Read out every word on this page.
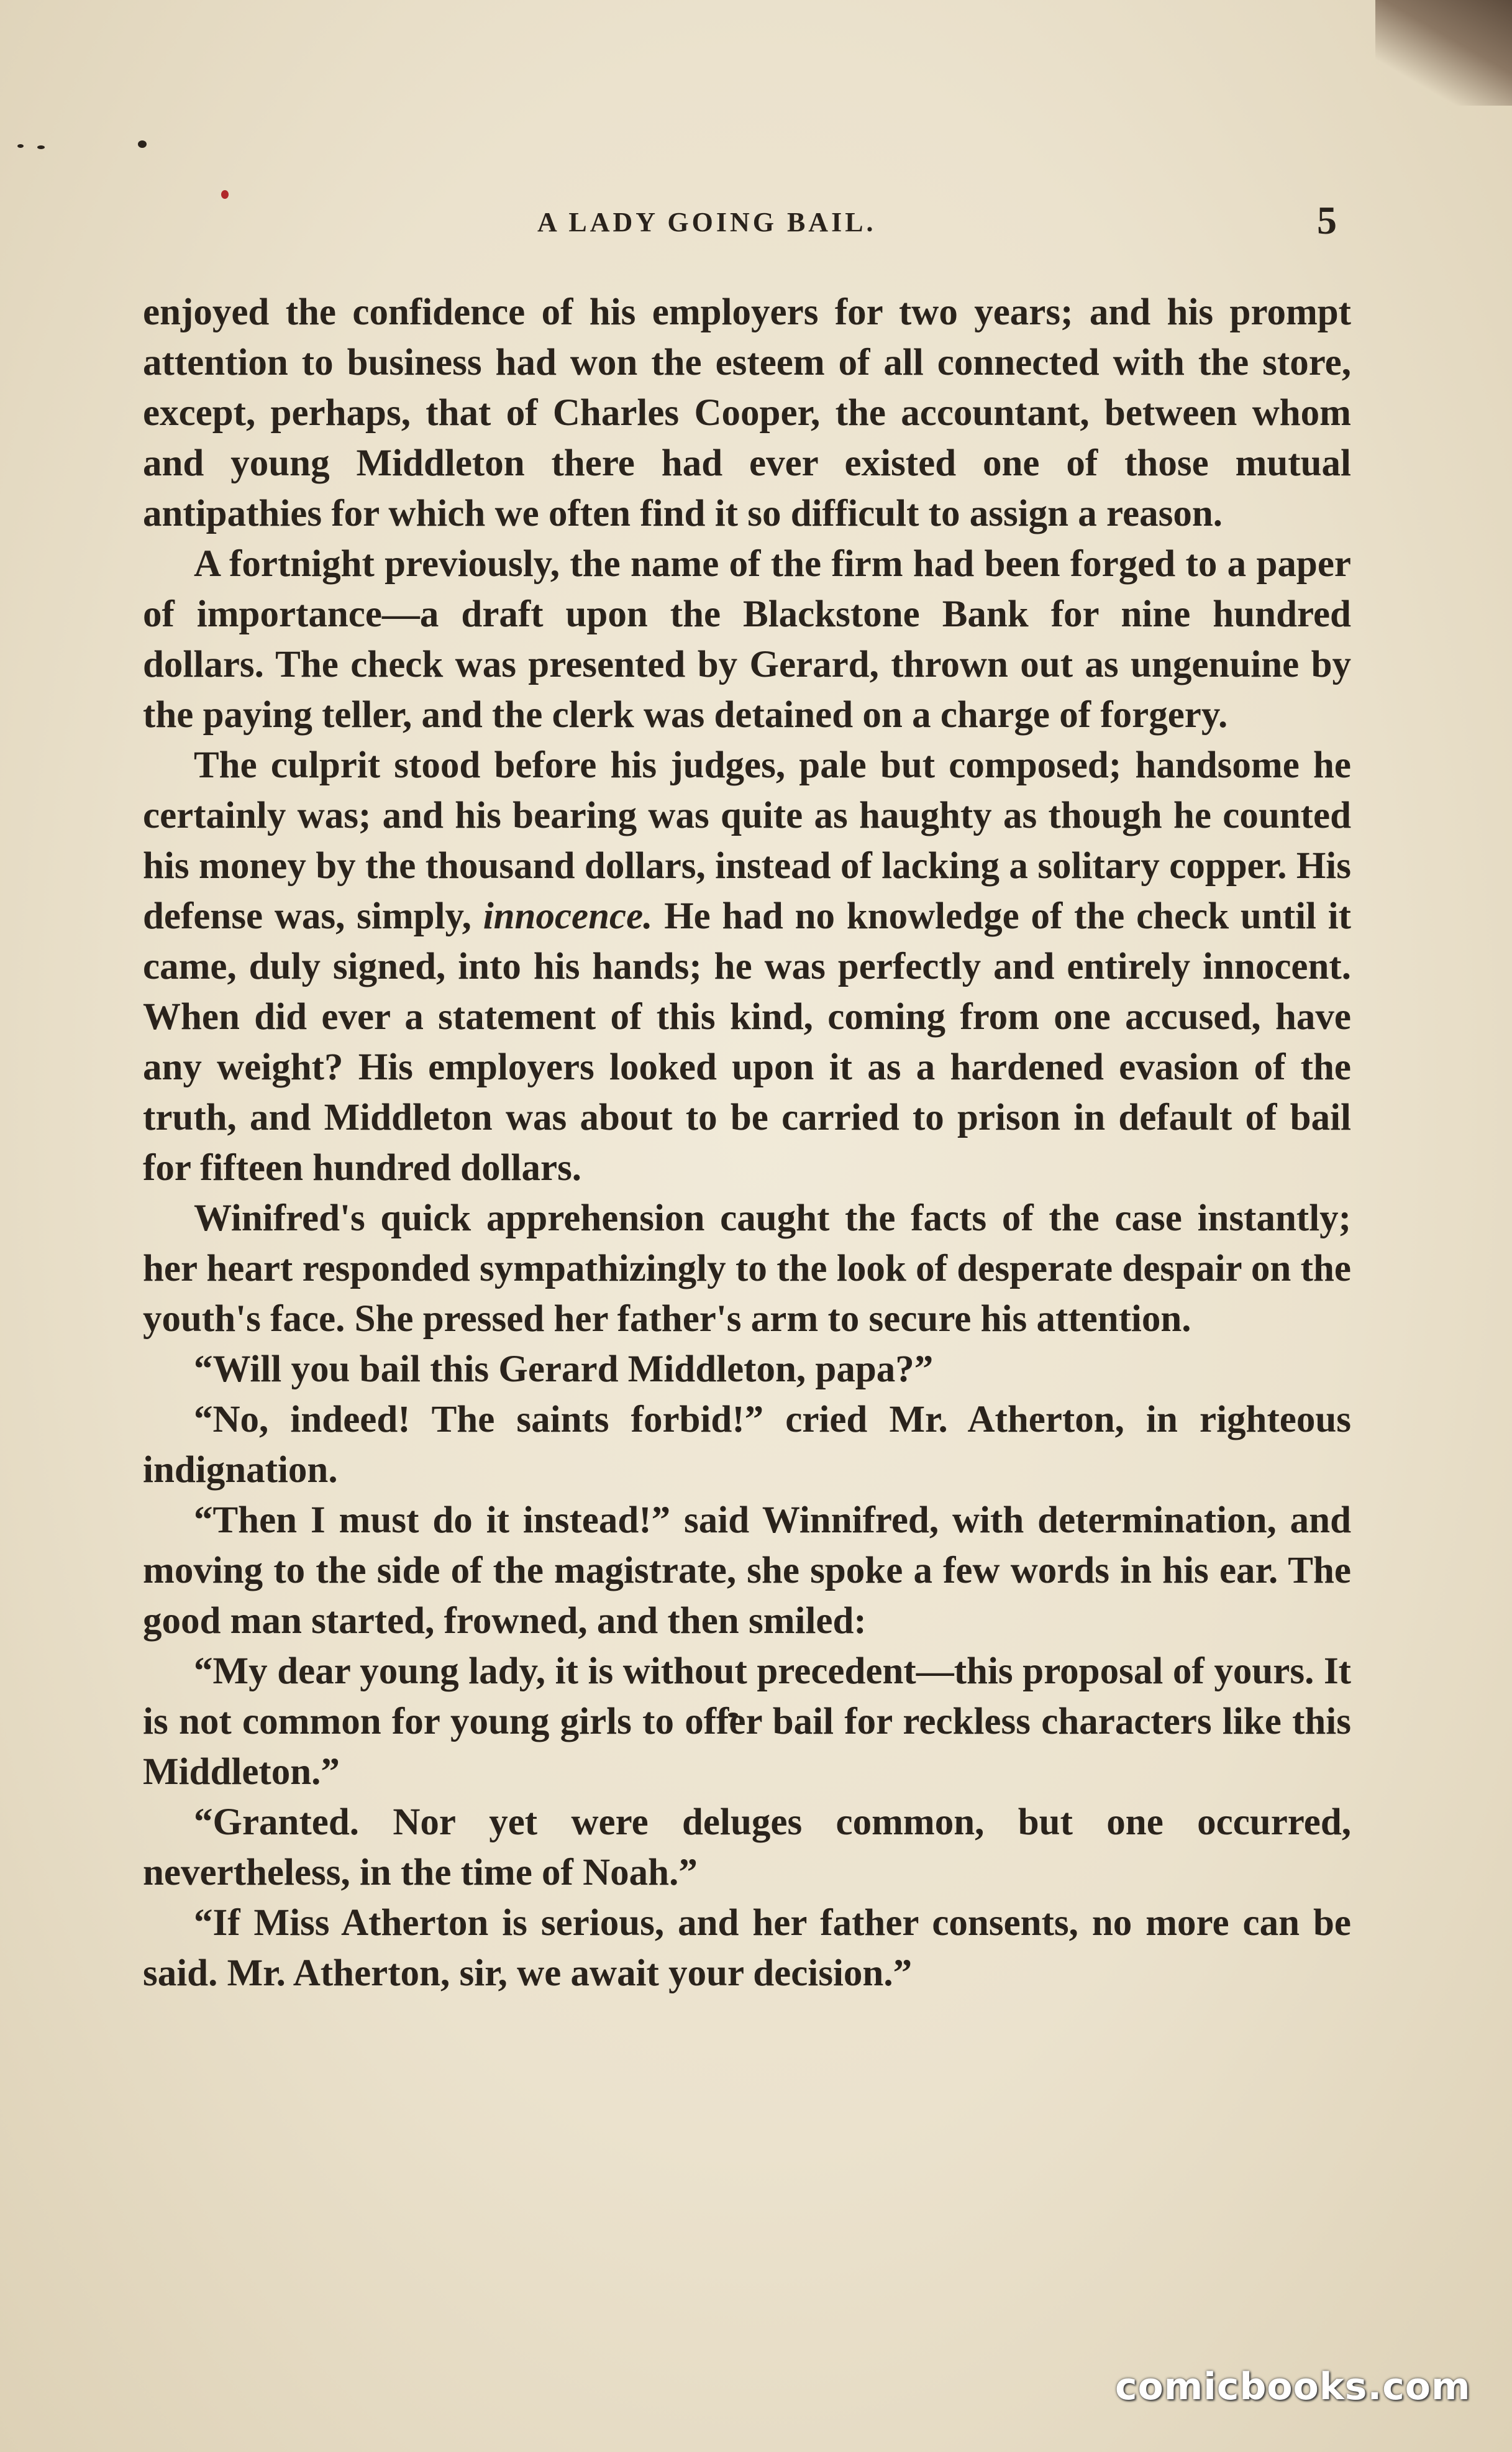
A LADY GOING BAIL.	5

enjoyed the confidence of his employers for two years; and his prompt attention to business had won the esteem of all connected with the store, except, perhaps, that of Charles Cooper, the accountant, between whom and young Middleton there had ever existed one of those mutual antipathies for which we often find it so difficult to assign a reason.

A fortnight previously, the name of the firm had been forged to a paper of importance—a draft upon the Blackstone Bank for nine hundred dollars. The check was presented by Gerard, thrown out as ungenuine by the paying teller, and the clerk was detained on a charge of forgery.

The culprit stood before his judges, pale but composed; handsome he certainly was; and his bearing was quite as haughty as though he counted his money by the thousand dollars, instead of lacking a solitary copper. His defense was, simply, innocence. He had no knowledge of the check until it came, duly signed, into his hands; he was perfectly and entirely innocent. When did ever a statement of this kind, coming from one accused, have any weight? His employers looked upon it as a hardened evasion of the truth, and Middleton was about to be carried to prison in default of bail for fifteen hundred dollars.

Winifred's quick apprehension caught the facts of the case instantly; her heart responded sympathizingly to the look of desperate despair on the youth's face. She pressed her father's arm to secure his attention.

“Will you bail this Gerard Middleton, papa?”

“No, indeed! The saints forbid!” cried Mr. Atherton, in righteous indignation.

“Then I must do it instead!” said Winnifred, with determination, and moving to the side of the magistrate, she spoke a few words in his ear. The good man started, frowned, and then smiled:

“My dear young lady, it is without precedent—this proposal of yours. It is not common for young girls to offer bail for reckless characters like this Middleton.”

“Granted. Nor yet were deluges common, but one occurred, nevertheless, in the time of Noah.”

“If Miss Atherton is serious, and her father consents, no more can be said. Mr. Atherton, sir, we await your decision.”

comicbooks.com
